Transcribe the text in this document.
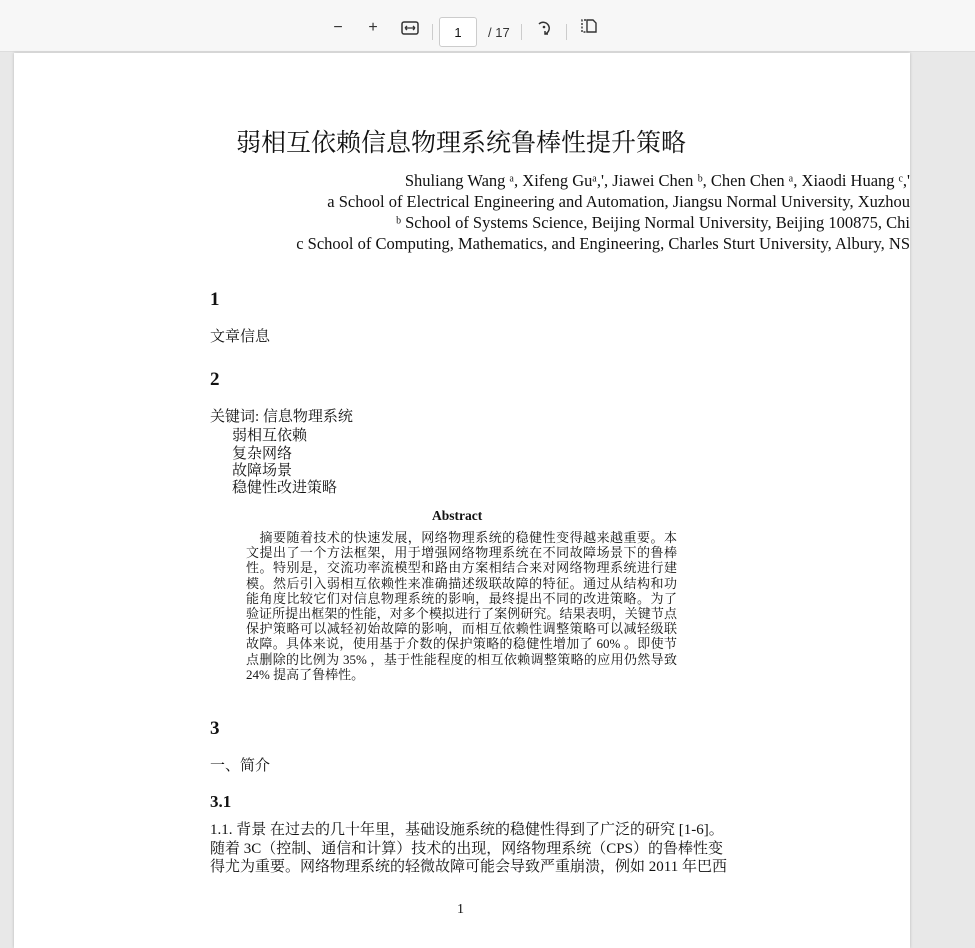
−	+	1	/ 17
弱相互依赖信息物理系统鲁棒性提升策略
Shuliang Wang ᵃ, Xifeng Guᵃ,', Jiawei Chen ᵇ, Chen Chen ᵃ, Xiaodi Huang ᶜ,'
a School of Electrical Engineering and Automation, Jiangsu Normal University, Xuzhou
ᵇ School of Systems Science, Beijing Normal University, Beijing 100875, Chi
c School of Computing, Mathematics, and Engineering, Charles Sturt University, Albury, NS
1
文章信息
2
关键词: 信息物理系统
弱相互依赖
复杂网络
故障场景
稳健性改进策略
Abstract
　摘要随着技术的快速发展，网络物理系统的稳健性变得越来越重要。本
文提出了一个方法框架，用于增强网络物理系统在不同故障场景下的鲁棒
性。特别是，交流功率流模型和路由方案相结合来对网络物理系统进行建
模。然后引入弱相互依赖性来准确描述级联故障的特征。通过从结构和功
能角度比较它们对信息物理系统的影响，最终提出不同的改进策略。为了
验证所提出框架的性能，对多个模拟进行了案例研究。结果表明，关键节点
保护策略可以减轻初始故障的影响，而相互依赖性调整策略可以减轻级联
故障。具体来说，使用基于介数的保护策略的稳健性增加了 60% 。即使节
点删除的比例为 35% ，基于性能程度的相互依赖调整策略的应用仍然导致
24% 提高了鲁棒性。
3
一、简介
3.1
1.1. 背景 在过去的几十年里，基础设施系统的稳健性得到了广泛的研究 [1-6]。
随着 3C（控制、通信和计算）技术的出现，网络物理系统（CPS）的鲁棒性变
得尤为重要。网络物理系统的轻微故障可能会导致严重崩溃，例如 2011 年巴西
1
